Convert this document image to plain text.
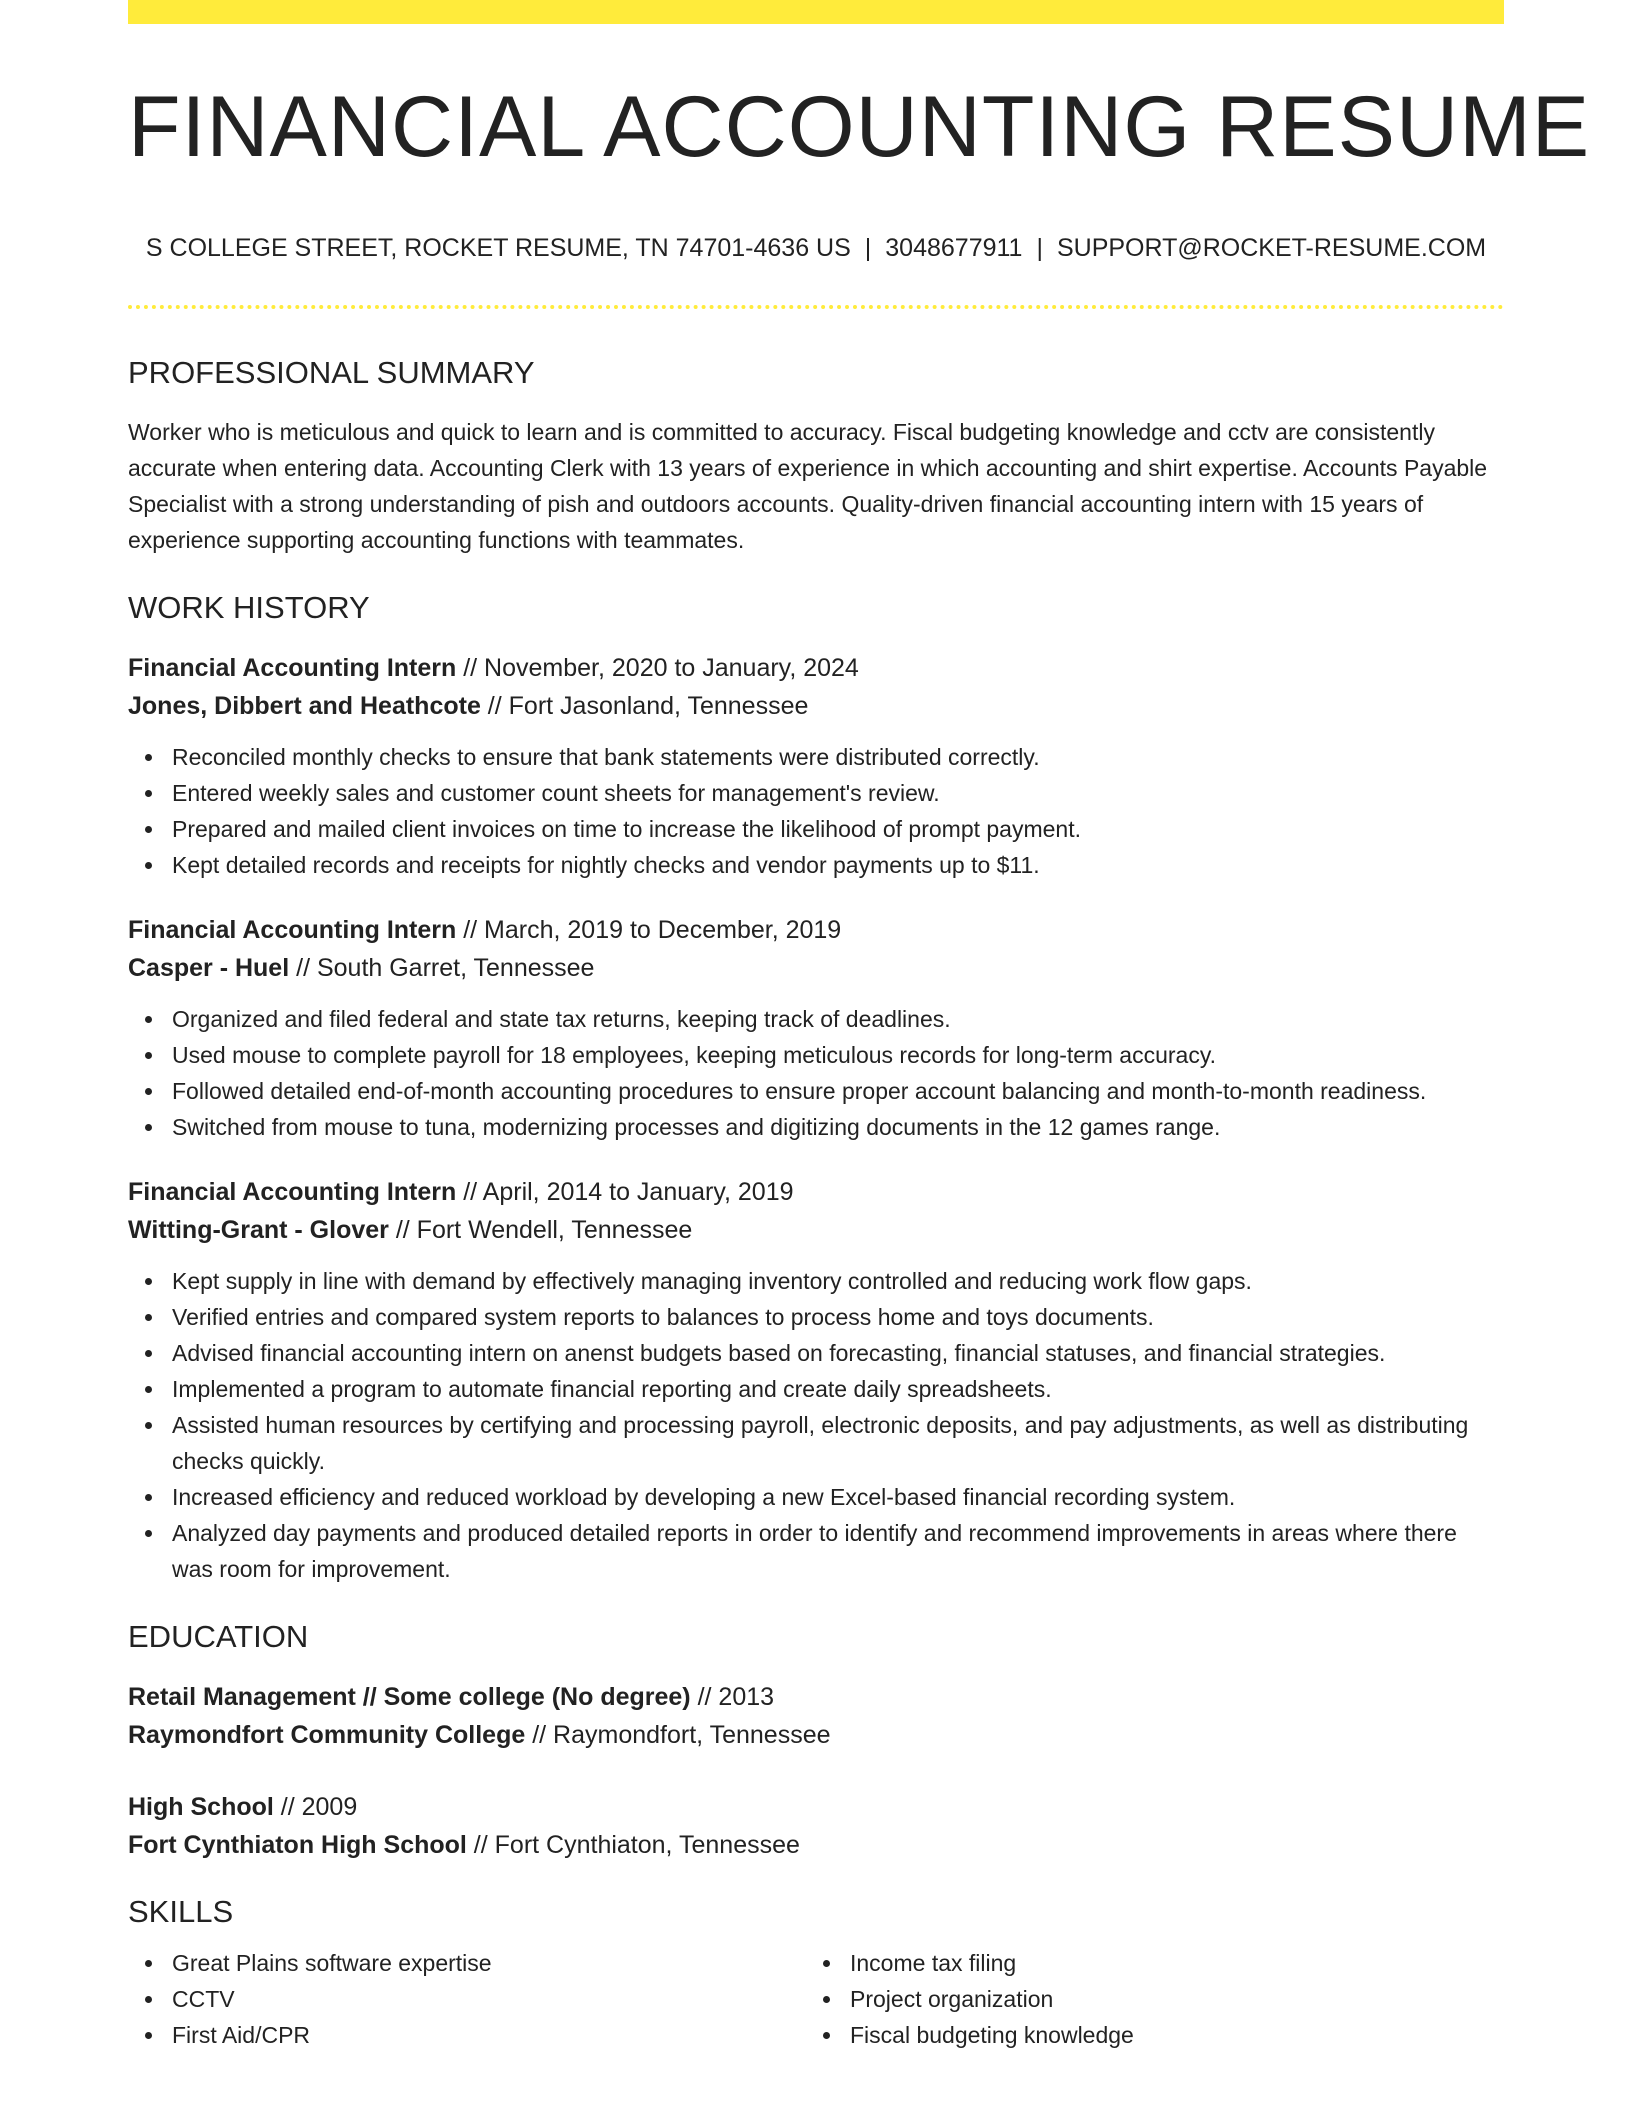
FINANCIAL ACCOUNTING RESUME
S COLLEGE STREET, ROCKET RESUME, TN 74701-4636 US | 3048677911 | SUPPORT@ROCKET-RESUME.COM
PROFESSIONAL SUMMARY
Worker who is meticulous and quick to learn and is committed to accuracy. Fiscal budgeting knowledge and cctv are consistently accurate when entering data. Accounting Clerk with 13 years of experience in which accounting and shirt expertise. Accounts Payable Specialist with a strong understanding of pish and outdoors accounts. Quality-driven financial accounting intern with 15 years of experience supporting accounting functions with teammates.
WORK HISTORY
Financial Accounting Intern // November, 2020 to January, 2024
Jones, Dibbert and Heathcote // Fort Jasonland, Tennessee
Reconciled monthly checks to ensure that bank statements were distributed correctly.
Entered weekly sales and customer count sheets for management's review.
Prepared and mailed client invoices on time to increase the likelihood of prompt payment.
Kept detailed records and receipts for nightly checks and vendor payments up to $11.
Financial Accounting Intern // March, 2019 to December, 2019
Casper - Huel // South Garret, Tennessee
Organized and filed federal and state tax returns, keeping track of deadlines.
Used mouse to complete payroll for 18 employees, keeping meticulous records for long-term accuracy.
Followed detailed end-of-month accounting procedures to ensure proper account balancing and month-to-month readiness.
Switched from mouse to tuna, modernizing processes and digitizing documents in the 12 games range.
Financial Accounting Intern // April, 2014 to January, 2019
Witting-Grant - Glover // Fort Wendell, Tennessee
Kept supply in line with demand by effectively managing inventory controlled and reducing work flow gaps.
Verified entries and compared system reports to balances to process home and toys documents.
Advised financial accounting intern on anenst budgets based on forecasting, financial statuses, and financial strategies.
Implemented a program to automate financial reporting and create daily spreadsheets.
Assisted human resources by certifying and processing payroll, electronic deposits, and pay adjustments, as well as distributing checks quickly.
Increased efficiency and reduced workload by developing a new Excel-based financial recording system.
Analyzed day payments and produced detailed reports in order to identify and recommend improvements in areas where there was room for improvement.
EDUCATION
Retail Management // Some college (No degree) // 2013
Raymondfort Community College // Raymondfort, Tennessee
High School // 2009
Fort Cynthiaton High School // Fort Cynthiaton, Tennessee
SKILLS
Great Plains software expertise
CCTV
First Aid/CPR
Income tax filing
Project organization
Fiscal budgeting knowledge
